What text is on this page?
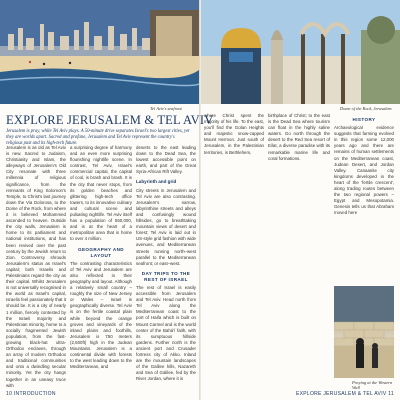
Tel Aviv's seafront	Dome of the Rock, Jerusalem
EXPLORE JERUSALEM & TEL AVIV

Jerusalem is pray, while Tel Aviv plays. A 50-minute drive separates Israel's two largest cities, yet they are worlds apart. Sacred and profane, Jerusalem and Tel Aviv represent the country's religious past and its high-tech future.

Jerusalem is as old as Tel Aviv is new. Sacred to Judaism, Christianity and Islam, the alleyways of Jerusalem's Old City resonate with three millennia of religious significance, from the remnants of King Solomon's Temple, to Christ's last journey down the Via Dolorosa, to the Dome of the Rock, from where it is believed Mohammed ascended to heaven. Outside the city walls, Jerusalem is home to its parliament and national institutions, and has been revived over the past century by the Jewish return to Zion. Controversy shrouds Jerusalem's status as Israel's capital; both Israelis and Palestinians regard the city as their capital. Whilst Jerusalem is not universally recognised in the world as Israel's capital, Israelis feel passionately that it should be. It is a city of nearly 1 million, fiercely contested by the Israeli majority and Palestinian minority, home to a socially fragmented Jewish population, from the fast-growing black-hat ultra-Orthodox enclaves, through an array of modern Orthodox and traditional communities and onto a dwindling secular minority. Yet the city hangs together in an uneasy truce with

a surprising degree of harmony and an even more surprising flourishing nightlife scene. In contrast, Tel Aviv, Israel's commercial capital, the capital of cool, is brash and brash. It is the city that never stops, from its golden beaches and glittering high-tech office towers, to its innovative culinary and cultural scene and pulsating nightlife. Tel Aviv itself has a population of 550,000, and is at the heart of a metropolitan area that is home to over 4 million.

GEOGRAPHY AND LAYOUT

The contrasting characteristics of Tel Aviv and Jerusalem are also reflected in their geography and layout. Although a relatively small country – roughly the size of New Jersey or Wales – Israel is geographically diverse. Tel Aviv is on the fertile coastal plain while beyond the orange groves and vineyards of the inland plains and foothills, Jerusalem is 750 meters (2,500ft) high in the Judean Mountains. Jerusalem is a continental divide with forests to the west leading down to the Mediterranean, and

deserts to the east leading down to the Dead Sea, the lowest accessible point on earth, and part of the Great Syria-African Rift Valley.

Labyrinth and grid

City streets in Jerusalem and Tel Aviv are also contrasting. Jerusalem's narrow, labyrinthine streets and alleys and confusingly wound hillsides, go to breathtaking mountain views of desert and forest; Tel Aviv is laid out in US-style grid fashion with wide avenues, and Mediterranean streets running north–west parallel to the Mediterranean seafront; or east–west.

DAY TRIPS TO THE REST OF ISRAEL

The rest of Israel is easily accessible from Jerusalem and Tel Aviv. Head north from Tel Aviv along the Mediterranean coast to the port of Haifa which is built on Mount Carmel and is the world center of the Bahá'í faith, with its sumptuous hillside gardens. Further north is the ancient port and Crusader fortress city of Akko. Inland are the mountain landscapes of the Galilee hills, Nazareth and Sea of Galilee, fed by the River Jordan, where it is

where Christ spent the majority of his life. To the east, you'll find the Golan Heights and majestic snow-capped Mount Hermon. Just south of Jerusalem, in the Palestinian territories, is Bethlehem,

birthplace of Christ; to the east is the Dead Sea where tourism can float in the highly saline waters. Go north through the desert to the Red Sea resort of Eilat, a diverse paradise with its remarkable marine life and coral formations.

HISTORY

Archaeological evidence suggests that farming evolved in this region some 12,000 years ago and there are remains of human settlements on the Mediterranean coast, Judean Desert, and Jordan Valley. Canaanite city kingdoms developed in the heart of the 'fertile crescent', along trading routes between the two regional powers – Egypt and Mesopotamia. Genesis tells us that Abraham moved here

Praying at the Western Wall
10 INTRODUCTION	EXPLORE JERUSALEM & TEL AVIV 11
